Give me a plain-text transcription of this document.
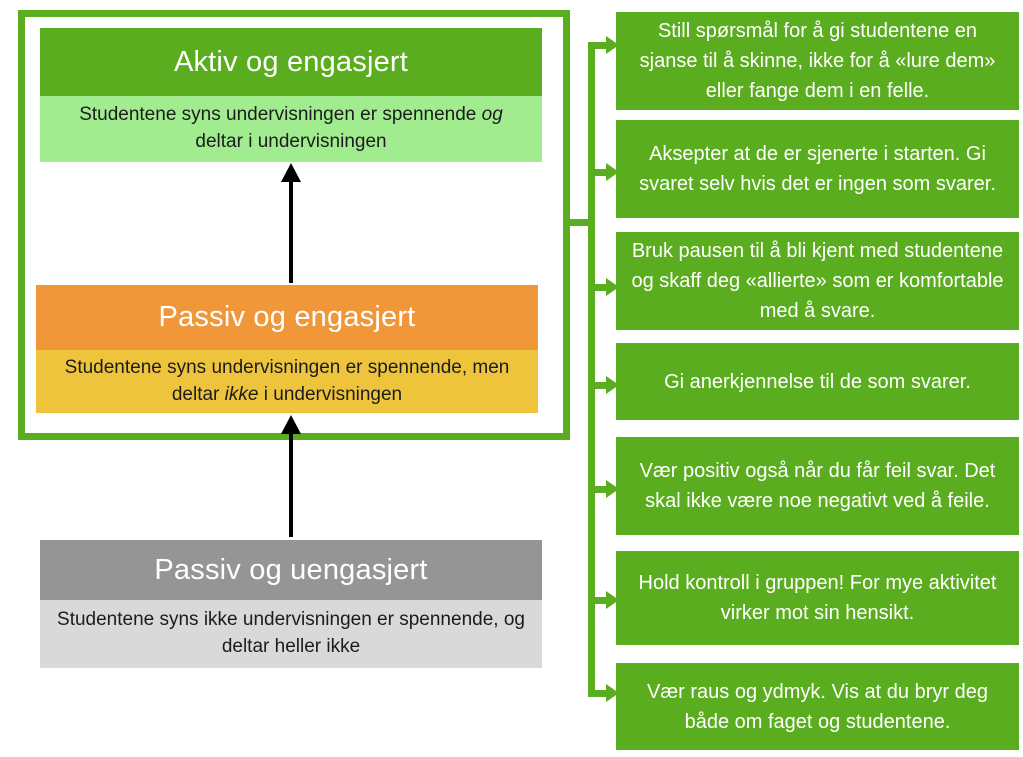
Aktiv og engasjert
Studentene syns undervisningen er spennende og deltar i undervisningen
Passiv og engasjert
Studentene syns undervisningen er spennende, men deltar ikke i undervisningen
Passiv og uengasjert
Studentene syns ikke undervisningen er spennende, og deltar heller ikke
Still spørsmål for å gi studentene en sjanse til å skinne, ikke for å «lure dem» eller fange dem i en felle.
Aksepter at de er sjenerte i starten. Gi svaret selv hvis det er ingen som svarer.
Bruk pausen til å bli kjent med studentene og skaff deg «allierte» som er komfortable med å svare.
Gi anerkjennelse til de som svarer.
Vær positiv også når du får feil svar. Det skal ikke være noe negativt ved å feile.
Hold kontroll i gruppen! For mye aktivitet virker mot sin hensikt.
Vær raus og ydmyk. Vis at du bryr deg både om faget og studentene.
